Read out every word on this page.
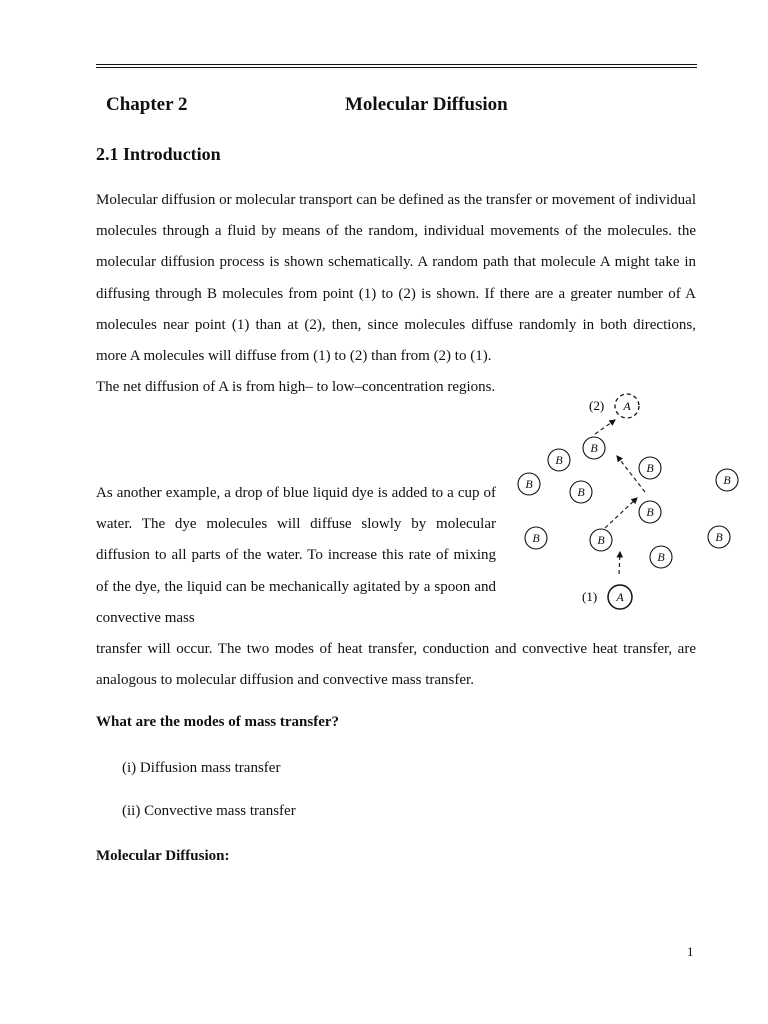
Chapter 2	Molecular Diffusion
2.1 Introduction

Molecular diffusion or molecular transport can be defined as the transfer or movement of individual molecules through a fluid by means of the random, individual movements of the molecules. the molecular diffusion process is shown schematically. A random path that molecule A might take in diffusing through B molecules from point (1) to (2) is shown. If there are a greater number of A molecules near point (1) than at (2), then, since molecules diffuse randomly in both directions, more A molecules will diffuse from (1) to (2) than from (2) to (1).

The net diffusion of A is from high– to low–concentration regions.

As another example, a drop of blue liquid dye is added to a cup of water. The dye molecules will diffuse slowly by molecular diffusion to all parts of the water. To increase this rate of mixing of the dye, the liquid can be mechanically agitated by a spoon and convective mass

transfer will occur. The two modes of heat transfer, conduction and convective heat transfer, are analogous to molecular diffusion and convective mass transfer.

What are the modes of mass transfer?

(i) Diffusion mass transfer

(ii) Convective mass transfer

Molecular Diffusion:

A
(1)
A
(2)
B
B
B
B
B
B
B
B	B	B
B

1
